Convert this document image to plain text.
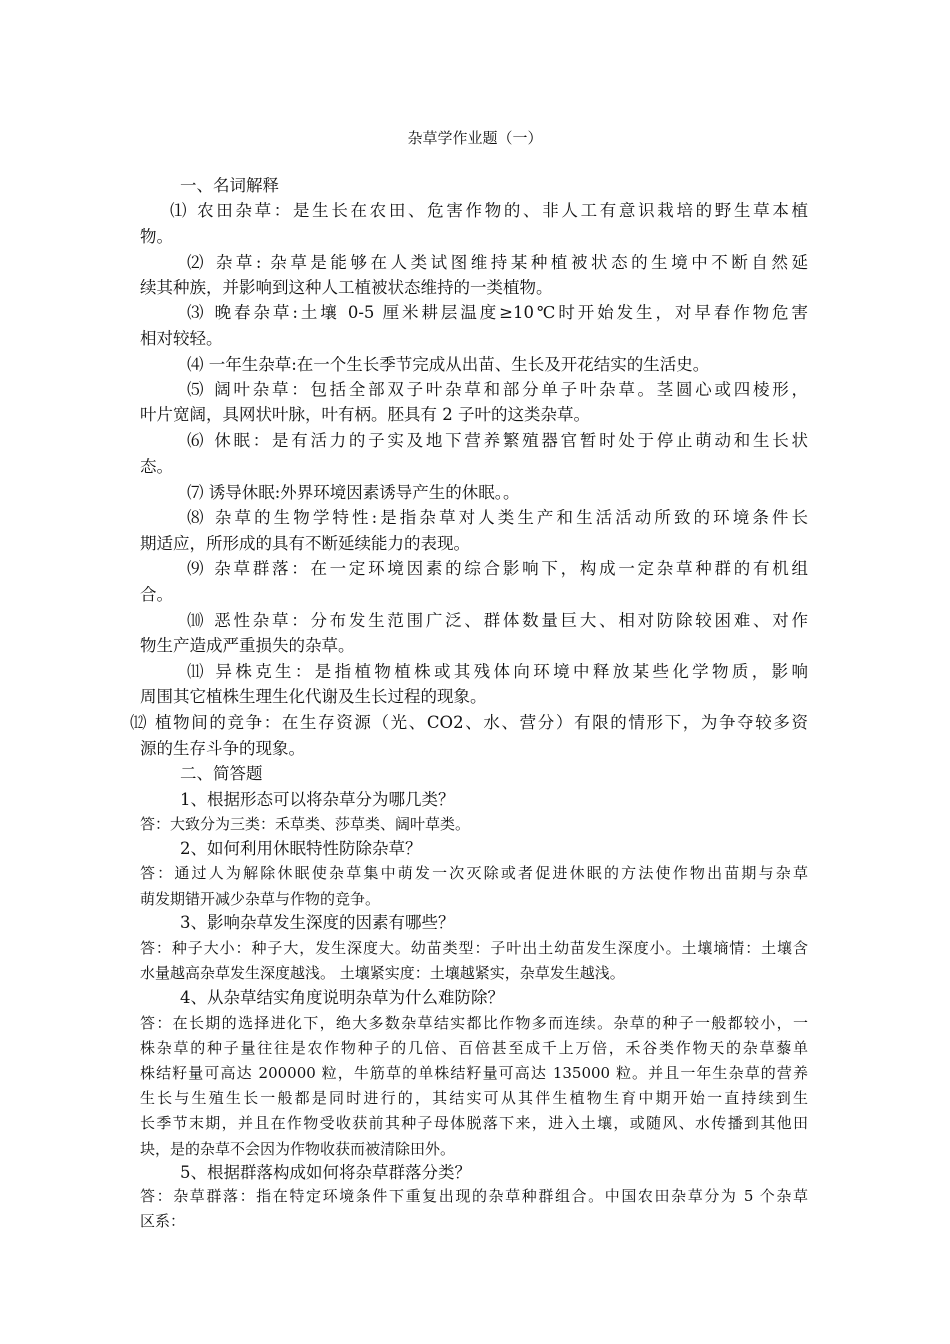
杂草学作业题（一）
一、名词解释
⑴ 农田杂草：是生长在农田、危害作物的、非人工有意识栽培的野生草本植
物。
⑵ 杂草: 杂草是能够在人类试图维持某种植被状态的生境中不断自然延
续其种族，并影响到这种人工植被状态维持的一类植物。
⑶ 晚春杂草:土壤 0-5 厘米耕层温度≥10℃时开始发生，对早春作物危害
相对较轻。
⑷ 一年生杂草:在一个生长季节完成从出苗、生长及开花结实的生活史。
⑸ 阔叶杂草：包括全部双子叶杂草和部分单子叶杂草。茎圆心或四棱形，
叶片宽阔，具网状叶脉，叶有柄。胚具有 2 子叶的这类杂草。
⑹ 休眠：是有活力的子实及地下营养繁殖器官暂时处于停止萌动和生长状
态。
⑺ 诱导休眠:外界环境因素诱导产生的休眠。。
⑻ 杂草的生物学特性:是指杂草对人类生产和生活活动所致的环境条件长
期适应，所形成的具有不断延续能力的表现。
⑼ 杂草群落：在一定环境因素的综合影响下，构成一定杂草种群的有机组
合。
⑽ 恶性杂草：分布发生范围广泛、群体数量巨大、相对防除较困难、对作
物生产造成严重损失的杂草。
⑾ 异株克生：是指植物植株或其残体向环境中释放某些化学物质，影响
周围其它植株生理生化代谢及生长过程的现象。
⑿ 植物间的竞争：在生存资源（光、CO2、水、营分）有限的情形下，为争夺较多资
源的生存斗争的现象。
二、简答题
1、根据形态可以将杂草分为哪几类？
答：大致分为三类：禾草类、莎草类、阔叶草类。
2、如何利用休眠特性防除杂草？
答：通过人为解除休眠使杂草集中萌发一次灭除或者促进休眠的方法使作物出苗期与杂草
萌发期错开减少杂草与作物的竞争。
3、影响杂草发生深度的因素有哪些？
答：种子大小：种子大，发生深度大。幼苗类型：子叶出土幼苗发生深度小。土壤墒情：土壤含
水量越高杂草发生深度越浅。 土壤紧实度：土壤越紧实，杂草发生越浅。
4、从杂草结实角度说明杂草为什么难防除？
答：在长期的选择进化下，绝大多数杂草结实都比作物多而连续。杂草的种子一般都较小，一
株杂草的种子量往往是农作物种子的几倍、百倍甚至成千上万倍，禾谷类作物天的杂草藜单
株结籽量可高达 200000 粒，牛筋草的单株结籽量可高达 135000 粒。并且一年生杂草的营养
生长与生殖生长一般都是同时进行的，其结实可从其伴生植物生育中期开始一直持续到生
长季节末期，并且在作物受收获前其种子母体脱落下来，进入土壤，或随风、水传播到其他田
块，是的杂草不会因为作物收获而被清除田外。
5、根据群落构成如何将杂草群落分类？
答：杂草群落：指在特定环境条件下重复出现的杂草种群组合。中国农田杂草分为 5 个杂草
区系：
